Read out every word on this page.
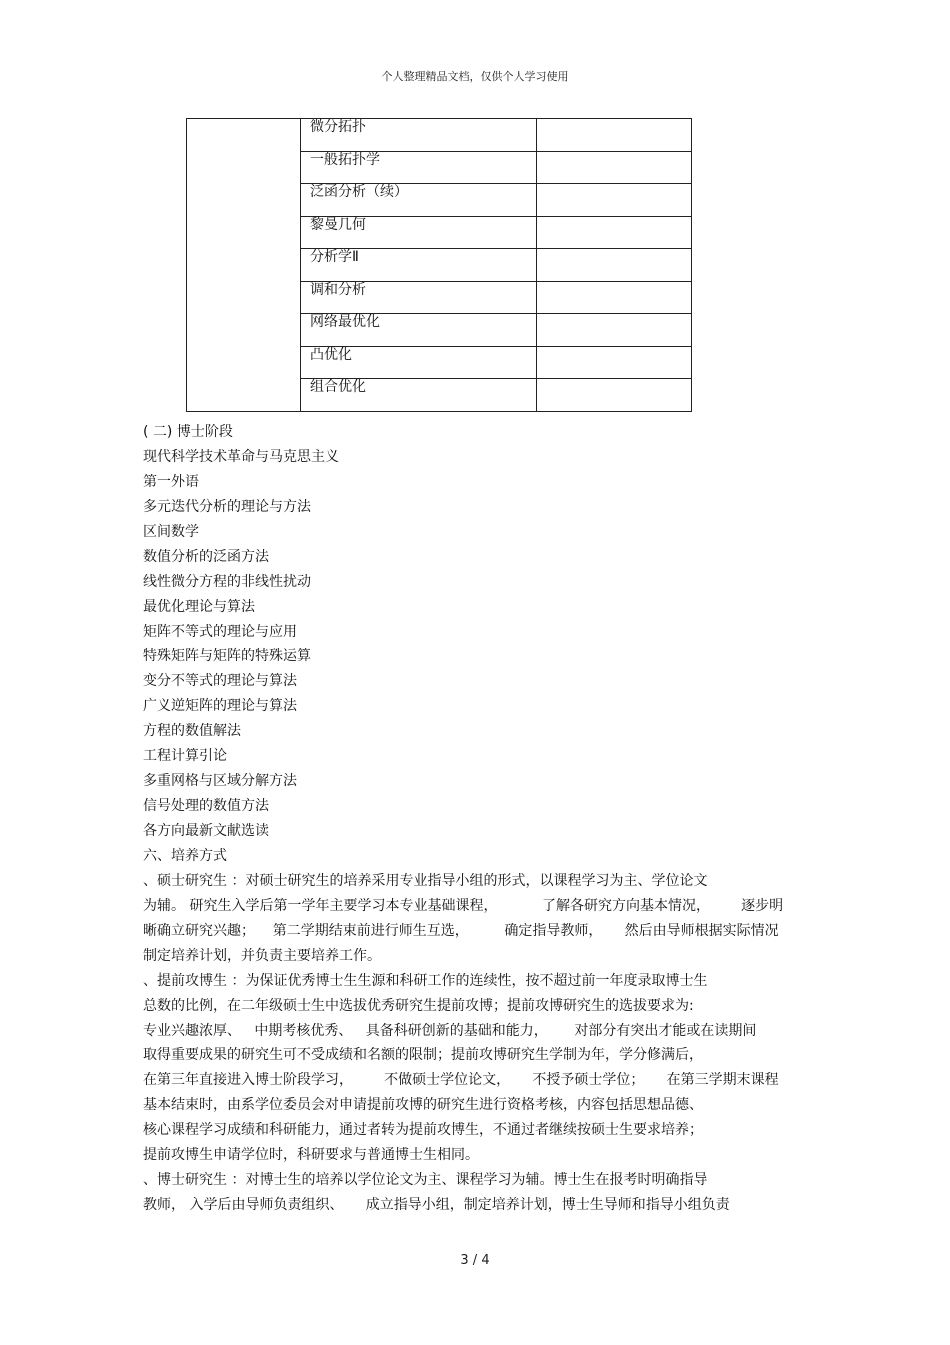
个人整理精品文档，仅供个人学习使用
	微分拓扑	
	一般拓扑学	
	泛函分析（续）	
	黎曼几何	
	分析学Ⅱ	
	调和分析	
	网络最优化	
	凸优化	
	组合优化	
( 二) 博士阶段
现代科学技术革命与马克思主义
第一外语
多元迭代分析的理论与方法
区间数学
数值分析的泛函方法
线性微分方程的非线性扰动
最优化理论与算法
矩阵不等式的理论与应用
特殊矩阵与矩阵的特殊运算
变分不等式的理论与算法
广义逆矩阵的理论与算法
方程的数值解法
工程计算引论
多重网格与区域分解方法
信号处理的数值方法
各方向最新文献选读
六、培养方式
、硕士研究生 ：对硕士研究生的培养采用专业指导小组的形式，以课程学习为主、学位论文
为辅。 研究生入学后第一学年主要学习本专业基础课程，          了解各研究方向基本情况，       逐步明
晰确立研究兴趣；    第二学期结束前进行师生互选，        确定指导教师，     然后由导师根据实际情况
制定培养计划，并负责主要培养工作。
、提前攻博生 ：为保证优秀博士生生源和科研工作的连续性，按不超过前一年度录取博士生
总数的比例，在二年级硕士生中选拔优秀研究生提前攻博；提前攻博研究生的选拔要求为:
专业兴趣浓厚、   中期考核优秀、   具备科研创新的基础和能力，      对部分有突出才能或在读期间
取得重要成果的研究生可不受成绩和名额的限制；提前攻博研究生学制为年，学分修满后，
在第三年直接进入博士阶段学习，       不做硕士学位论文，     不授予硕士学位；     在第三学期末课程
基本结束时，由系学位委员会对申请提前攻博的研究生进行资格考核，内容包括思想品德、
核心课程学习成绩和科研能力，通过者转为提前攻博生，不通过者继续按硕士生要求培养；
提前攻博生申请学位时，科研要求与普通博士生相同。
、博士研究生 ：对博士生的培养以学位论文为主、课程学习为辅。博士生在报考时明确指导
教师， 入学后由导师负责组织、     成立指导小组，制定培养计划，博士生导师和指导小组负责
3 / 4
